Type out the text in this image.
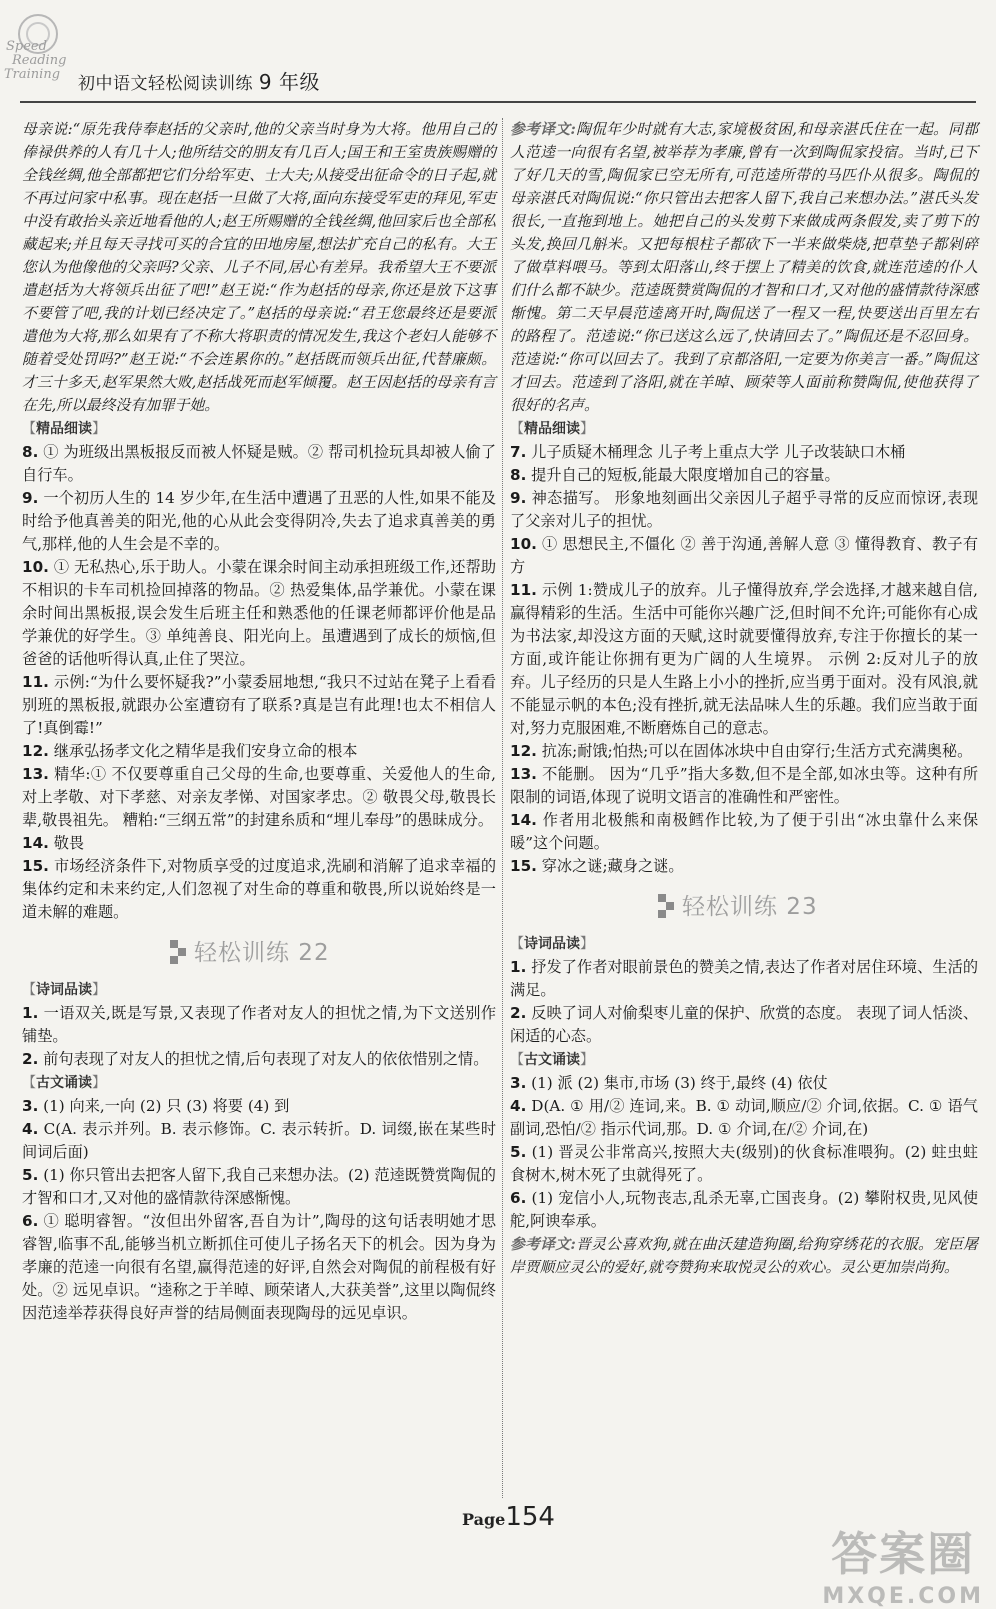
Speed
Reading
Training 初中语文轻松阅读训练 9 年级

母亲说:“原先我侍奉赵括的父亲时,他的父亲当时身为大将。他用自己的俸禄供养的人有几十人;他所结交的朋友有几百人;国王和王室贵族赐赠的全钱丝绸,他全部都把它们分给军吏、士大夫;从接受出征命令的日子起,就不再过问家中私事。现在赵括一旦做了大将,面向东接受军吏的拜见,军吏中没有敢抬头亲近地看他的人;赵王所赐赠的全钱丝绸,他回家后也全部私藏起来;并且每天寻找可买的合宜的田地房屋,想法扩充自己的私有。大王您认为他像他的父亲吗?父亲、儿子不同,居心有差异。我希望大王不要派遣赵括为大将领兵出征了吧!”赵王说:“作为赵括的母亲,你还是放下这事不要管了吧,我的计划已经决定了。”赵括的母亲说:“君王您最终还是要派遣他为大将,那么如果有了不称大将职责的情况发生,我这个老妇人能够不随着受处罚吗?”赵王说:“不会连累你的。”赵括既而领兵出征,代替廉颇。才三十多天,赵军果然大败,赵括战死而赵军倾覆。赵王因赵括的母亲有言在先,所以最终没有加罪于她。

【精品细读】

8. ① 为班级出黑板报反而被人怀疑是贼。② 帮司机捡玩具却被人偷了自行车。

9. 一个初历人生的 14 岁少年,在生活中遭遇了丑恶的人性,如果不能及时给予他真善美的阳光,他的心从此会变得阴冷,失去了追求真善美的勇气,那样,他的人生会是不幸的。

10. ① 无私热心,乐于助人。小蒙在课余时间主动承担班级工作,还帮助不相识的卡车司机捡回掉落的物品。② 热爱集体,品学兼优。小蒙在课余时间出黑板报,误会发生后班主任和熟悉他的任课老师都评价他是品学兼优的好学生。③ 单纯善良、阳光向上。虽遭遇到了成长的烦恼,但爸爸的话他听得认真,止住了哭泣。

11. 示例:“为什么要怀疑我?”小蒙委屈地想,“我只不过站在凳子上看看别班的黑板报,就跟办公室遭窃有了联系?真是岂有此理!也太不相信人了!真倒霉!”

12. 继承弘扬孝文化之精华是我们安身立命的根本

13. 精华:① 不仅要尊重自己父母的生命,也要尊重、关爱他人的生命,对上孝敬、对下孝慈、对亲友孝悌、对国家孝忠。② 敬畏父母,敬畏长辈,敬畏祖先。 糟粕:“三纲五常”的封建糸质和“埋儿奉母”的愚昧成分。

14. 敬畏

15. 市场经济条件下,对物质享受的过度追求,洗刷和消解了追求幸福的集体约定和未来约定,人们忽视了对生命的尊重和敬畏,所以说始终是一道未解的难题。

轻松训练 22
【诗词品读】

1. 一语双关,既是写景,又表现了作者对友人的担忧之情,为下文送别作铺垫。

2. 前句表现了对友人的担忧之情,后句表现了对友人的依依惜别之情。

【古文诵读】

3. (1) 向来,一向 (2) 只 (3) 将要 (4) 到

4. C(A. 表示并列。B. 表示修饰。C. 表示转折。D. 词缀,嵌在某些时间词后面)

5. (1) 你只管出去把客人留下,我自己来想办法。(2) 范逵既赞赏陶侃的才智和口才,又对他的盛情款待深感惭愧。

6. ① 聪明睿智。“汝但出外留客,吾自为计”,陶母的这句话表明她才思睿智,临事不乱,能够当机立断抓住可使儿子扬名天下的机会。因为身为孝廉的范逵一向很有名望,赢得范逵的好评,自然会对陶侃的前程极有好处。② 远见卓识。“逵称之于羊晫、顾荣诸人,大获美誉”,这里以陶侃终因范逵举荐获得良好声誉的结局侧面表现陶母的远见卓识。

参考译文:陶侃年少时就有大志,家境极贫困,和母亲湛氏住在一起。同郡人范逵一向很有名望,被举荐为孝廉,曾有一次到陶侃家投宿。当时,已下了好几天的雪,陶侃家已空无所有,可范逵所带的马匹仆从很多。陶侃的母亲湛氏对陶侃说:“你只管出去把客人留下,我自己来想办法。”湛氏头发很长,一直拖到地上。她把自己的头发剪下来做成两条假发,卖了剪下的头发,换回几斛米。又把每根柱子都砍下一半来做柴烧,把草垫子都剁碎了做草料喂马。等到太阳落山,终于摆上了精美的饮食,就连范逵的仆人们什么都不缺少。范逵既赞赏陶侃的才智和口才,又对他的盛情款待深感惭愧。第二天早晨范逵离开时,陶侃送了一程又一程,快要送出百里左右的路程了。范逵说:“你已送这么远了,快请回去了。”陶侃还是不忍回身。范逵说:“你可以回去了。我到了京都洛阳,一定要为你美言一番。”陶侃这才回去。范逵到了洛阳,就在羊晫、顾荣等人面前称赞陶侃,使他获得了很好的名声。

【精品细读】

7. 儿子质疑木桶理念 儿子考上重点大学 儿子改装缺口木桶

8. 提升自己的短板,能最大限度增加自己的容量。

9. 神态描写。 形象地刻画出父亲因儿子超乎寻常的反应而惊讶,表现了父亲对儿子的担忧。

10. ① 思想民主,不僵化 ② 善于沟通,善解人意 ③ 懂得教育、教子有方

11. 示例 1:赞成儿子的放弃。儿子懂得放弃,学会选择,才越来越自信,赢得精彩的生活。生活中可能你兴趣广泛,但时间不允许;可能你有心成为书法家,却没这方面的天赋,这时就要懂得放弃,专注于你擅长的某一方面,或许能让你拥有更为广阔的人生境界。 示例 2:反对儿子的放弃。儿子经历的只是人生路上小小的挫折,应当勇于面对。没有风浪,就不能显示帆的本色;没有挫折,就无法品味人生的乐趣。我们应当敢于面对,努力克服困难,不断磨炼自己的意志。

12. 抗冻;耐饿;怕热;可以在固体冰块中自由穿行;生活方式充满奥秘。

13. 不能删。 因为“几乎”指大多数,但不是全部,如冰虫等。这种有所限制的词语,体现了说明文语言的准确性和严密性。

14. 作者用北极熊和南极鳕作比较,为了便于引出“冰虫靠什么来保暖”这个问题。

15. 穿冰之谜;藏身之谜。

轻松训练 23
【诗词品读】

1. 抒发了作者对眼前景色的赞美之情,表达了作者对居住环境、生活的满足。

2. 反映了词人对偷梨枣儿童的保护、欣赏的态度。 表现了词人恬淡、闲适的心态。

【古文诵读】

3. (1) 派 (2) 集市,市场 (3) 终于,最终 (4) 依仗

4. D(A. ① 用/② 连词,来。B. ① 动词,顺应/② 介词,依据。C. ① 语气副词,恐怕/② 指示代词,那。D. ① 介词,在/② 介词,在)

5. (1) 晋灵公非常高兴,按照大夫(级别)的伙食标准喂狗。(2) 蛀虫蛀食树木,树木死了虫就得死了。

6. (1) 宠信小人,玩物丧志,乱杀无辜,亡国丧身。(2) 攀附权贵,见风使舵,阿谀奉承。

参考译文:晋灵公喜欢狗,就在曲沃建造狗圈,给狗穿绣花的衣服。宠臣屠岸贾顺应灵公的爱好,就夸赞狗来取悦灵公的欢心。灵公更加崇尚狗。

Page154
答案圈
MXQE.COM
